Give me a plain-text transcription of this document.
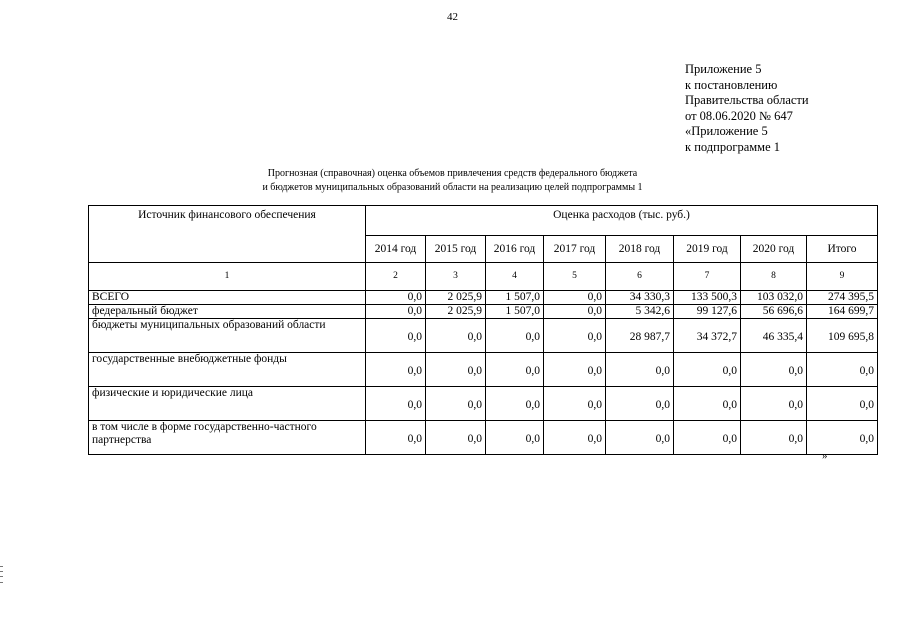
42
Приложение 5
к постановлению
Правительства области
от 08.06.2020 № 647
«Приложение 5
к подпрограмме 1
Прогнозная (справочная) оценка объемов привлечения средств федерального бюджета
и бюджетов муниципальных образований области на реализацию целей подпрограммы 1
Источник финансового обеспечения	Оценка расходов (тыс. руб.)							
	2014 год	2015 год	2016 год	2017 год	2018 год	2019 год	2020 год	Итого
1	2	3	4	5	6	7	8	9
ВСЕГО	0,0	2 025,9	1 507,0	0,0	34 330,3	133 500,3	103 032,0	274 395,5
федеральный бюджет	0,0	2 025,9	1 507,0	0,0	5 342,6	99 127,6	56 696,6	164 699,7
бюджеты муниципальных образований области	0,0	0,0	0,0	0,0	28 987,7	34 372,7	46 335,4	109 695,8
государственные внебюджетные фонды	0,0	0,0	0,0	0,0	0,0	0,0	0,0	0,0
физические и юридические лица	0,0	0,0	0,0	0,0	0,0	0,0	0,0	0,0
в том числе в форме государственно-частного партнерства	0,0	0,0	0,0	0,0	0,0	0,0	0,0	0,0
»
